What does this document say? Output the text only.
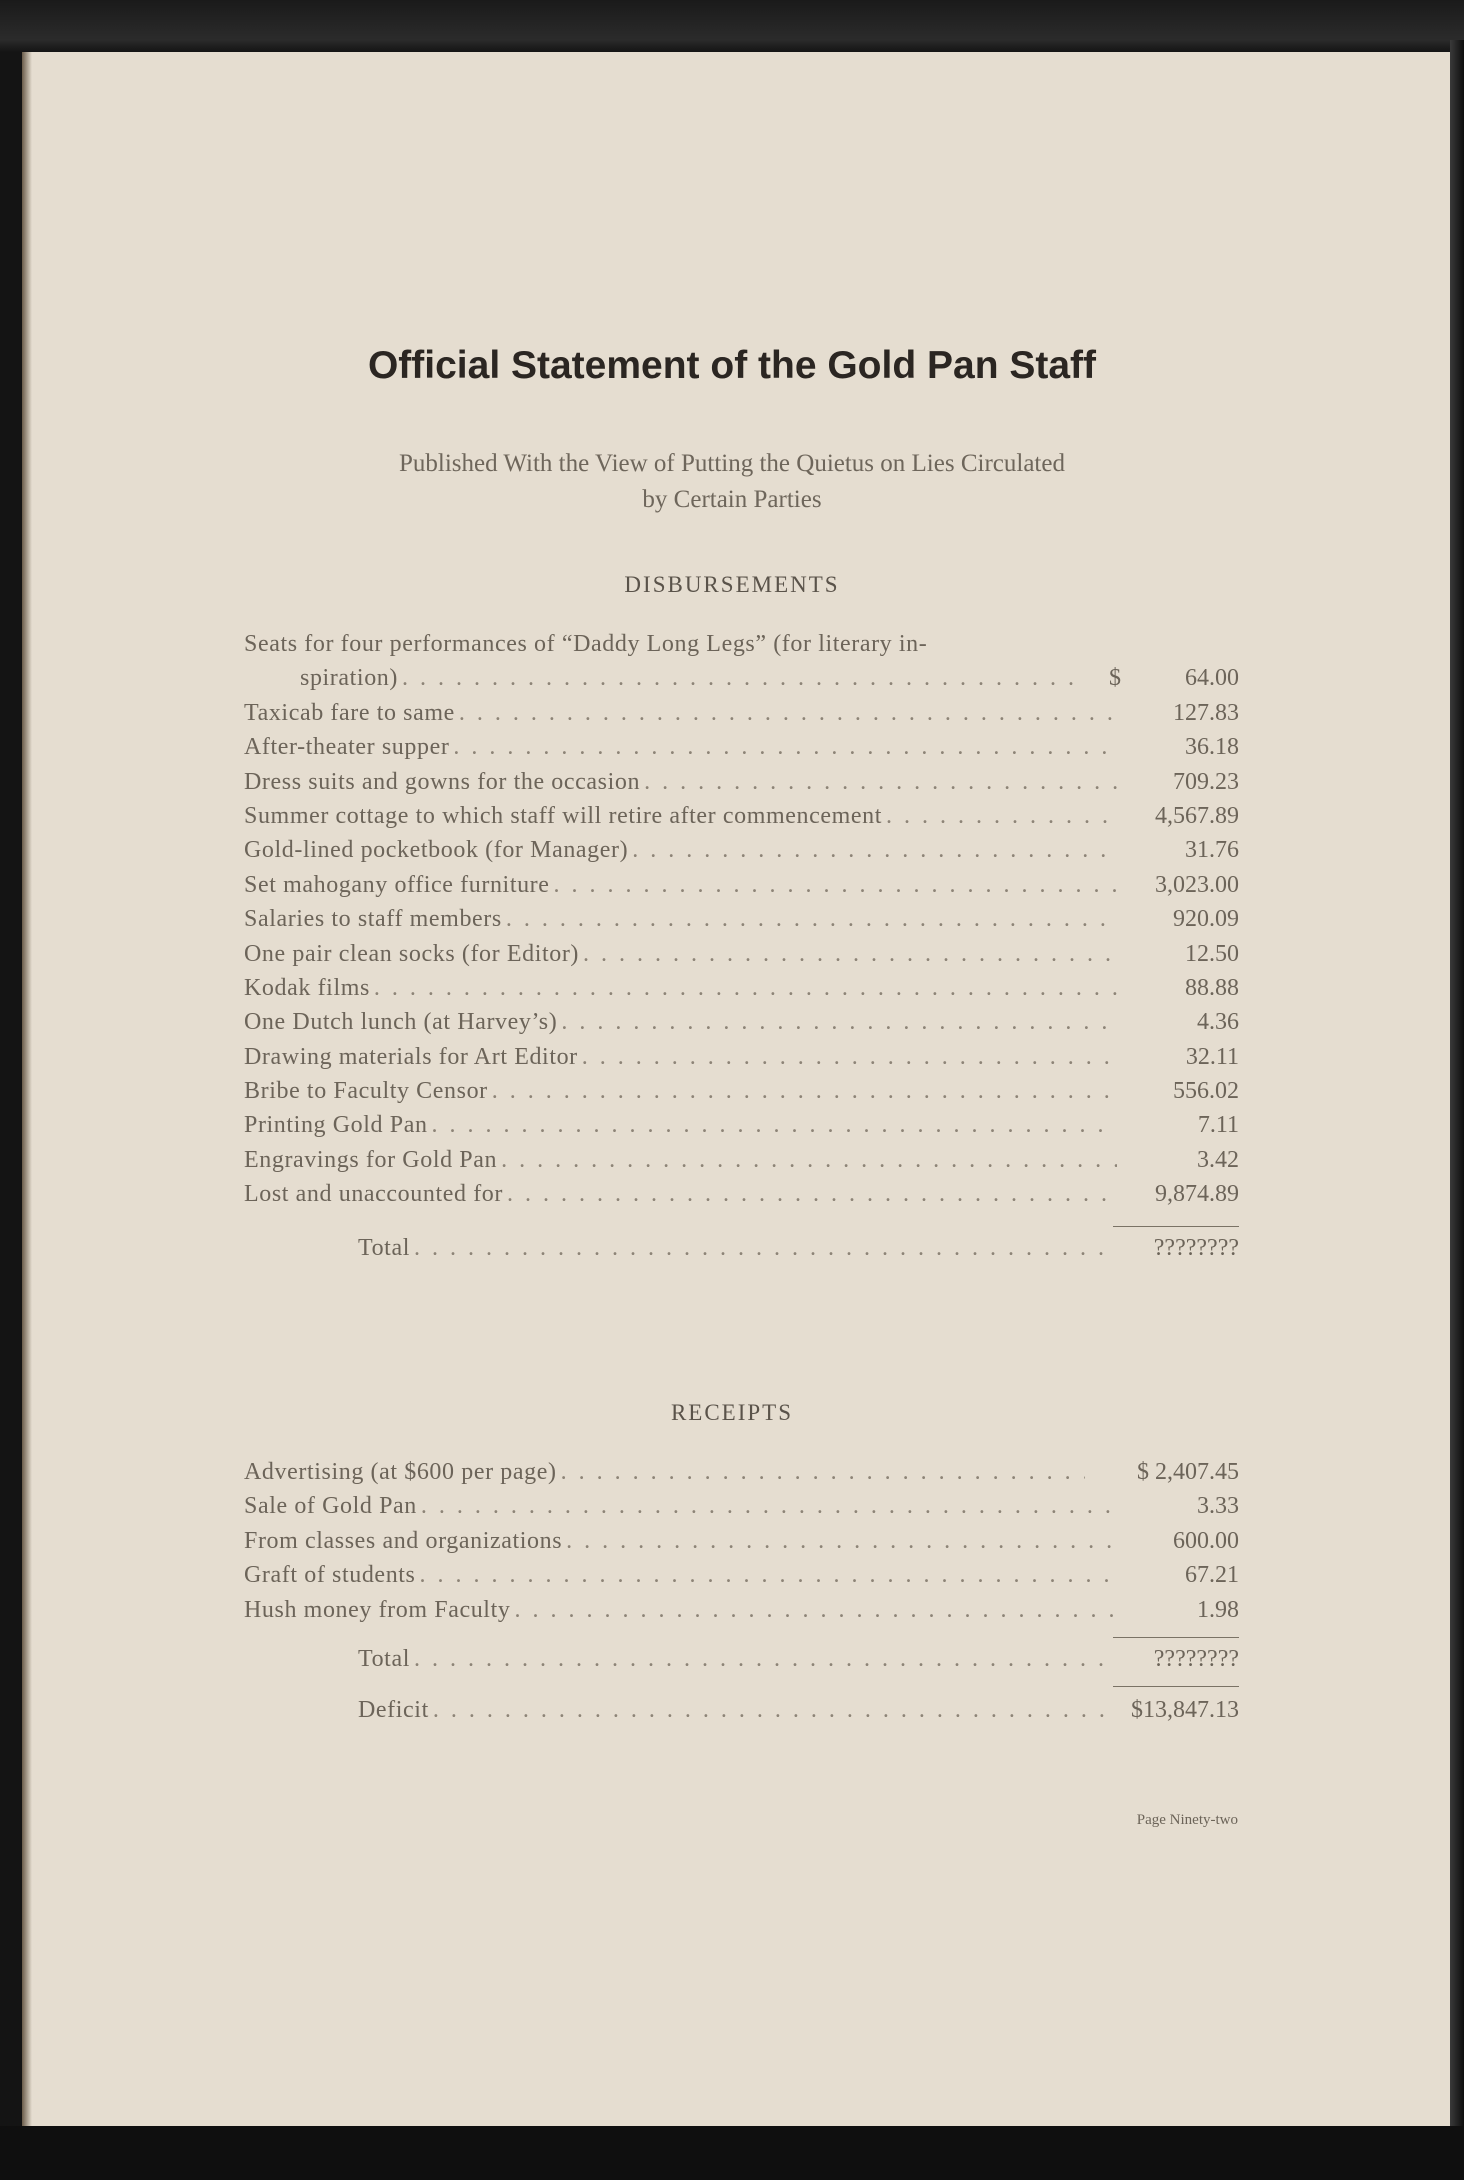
Official Statement of the Gold Pan Staff
Published With the View of Putting the Quietus on Lies Circulated
by Certain Parties
DISBURSEMENTS
Seats for four performances of “Daddy Long Legs” (for literary in-
spiration) . . .	$	64.00
Taxicab fare to same . . .	127.83
After-theater supper . . .	36.18
Dress suits and gowns for the occasion . . .	709.23
Summer cottage to which staff will retire after commencement . . .	4,567.89
Gold-lined pocketbook (for Manager) . . .	31.76
Set mahogany office furniture . . .	3,023.00
Salaries to staff members . . .	920.09
One pair clean socks (for Editor) . . .	12.50
Kodak films . . .	88.88
One Dutch lunch (at Harvey’s) . . .	4.36
Drawing materials for Art Editor . . .	32.11
Bribe to Faculty Censor . . .	556.02
Printing Gold Pan . . .	7.11
Engravings for Gold Pan . . .	3.42
Lost and unaccounted for . . .	9,874.89
Total . . .	????????
RECEIPTS
Advertising (at $600 per page) . . .	$ 2,407.45
Sale of Gold Pan . . .	3.33
From classes and organizations . . .	600.00
Graft of students . . .	67.21
Hush money from Faculty . . .	1.98
Total . . .	????????
Deficit . . .	$13,847.13
Page Ninety-two
